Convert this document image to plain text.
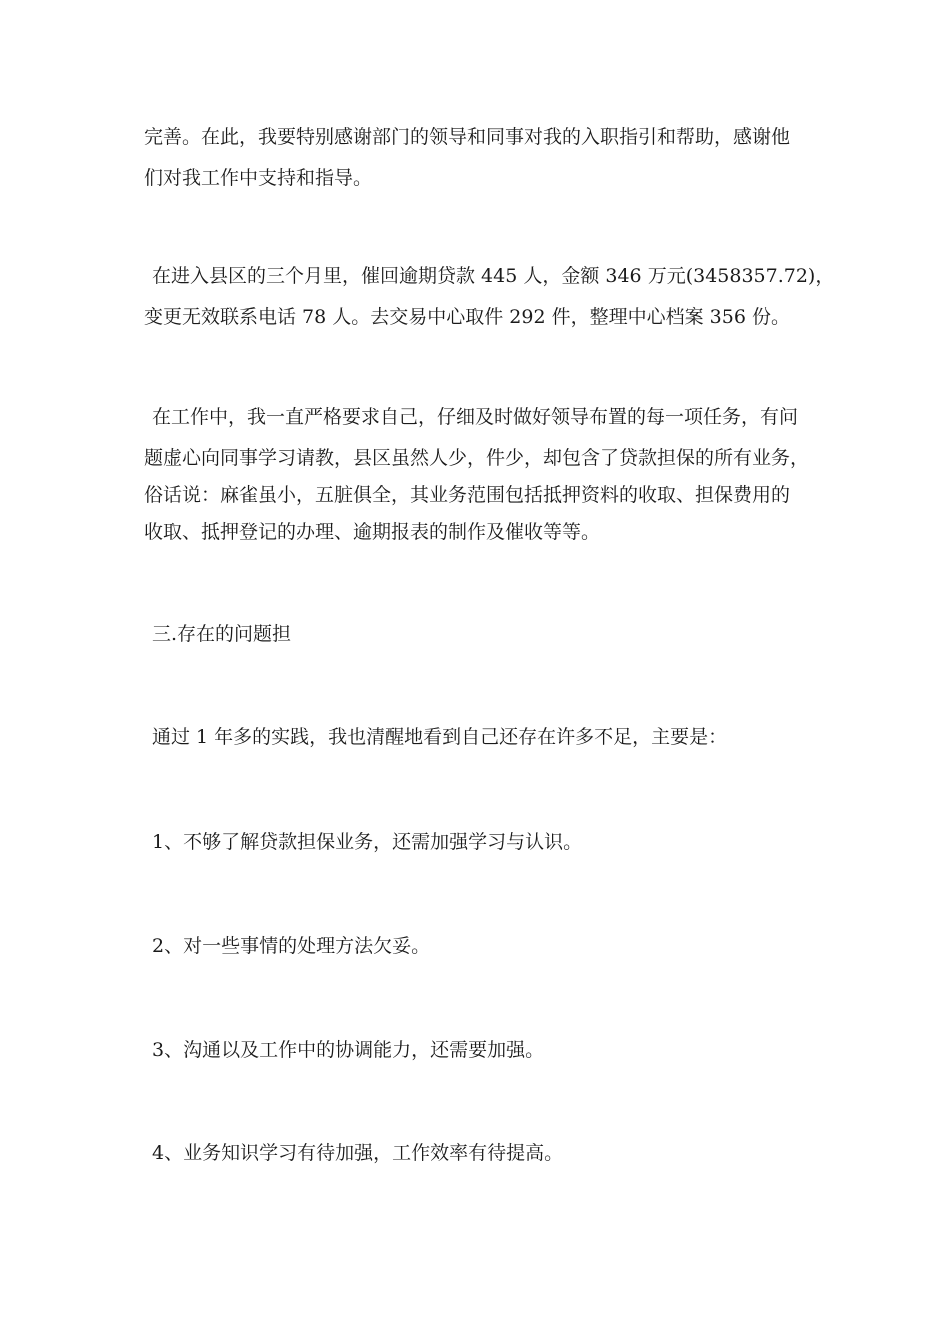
完善。在此，我要特别感谢部门的领导和同事对我的入职指引和帮助，感谢他
们对我工作中支持和指导。
在进入县区的三个月里，催回逾期贷款 445 人，金额 346 万元(3458357.72)，
变更无效联系电话 78 人。去交易中心取件 292 件，整理中心档案 356 份。
在工作中，我一直严格要求自己，仔细及时做好领导布置的每一项任务，有问
题虚心向同事学习请教，县区虽然人少，件少，却包含了贷款担保的所有业务，
俗话说：麻雀虽小，五脏俱全，其业务范围包括抵押资料的收取、担保费用的
收取、抵押登记的办理、逾期报表的制作及催收等等。
三.存在的问题担
通过 1 年多的实践，我也清醒地看到自己还存在许多不足，主要是：
1、不够了解贷款担保业务，还需加强学习与认识。
2、对一些事情的处理方法欠妥。
3、沟通以及工作中的协调能力，还需要加强。
4、业务知识学习有待加强，工作效率有待提高。
